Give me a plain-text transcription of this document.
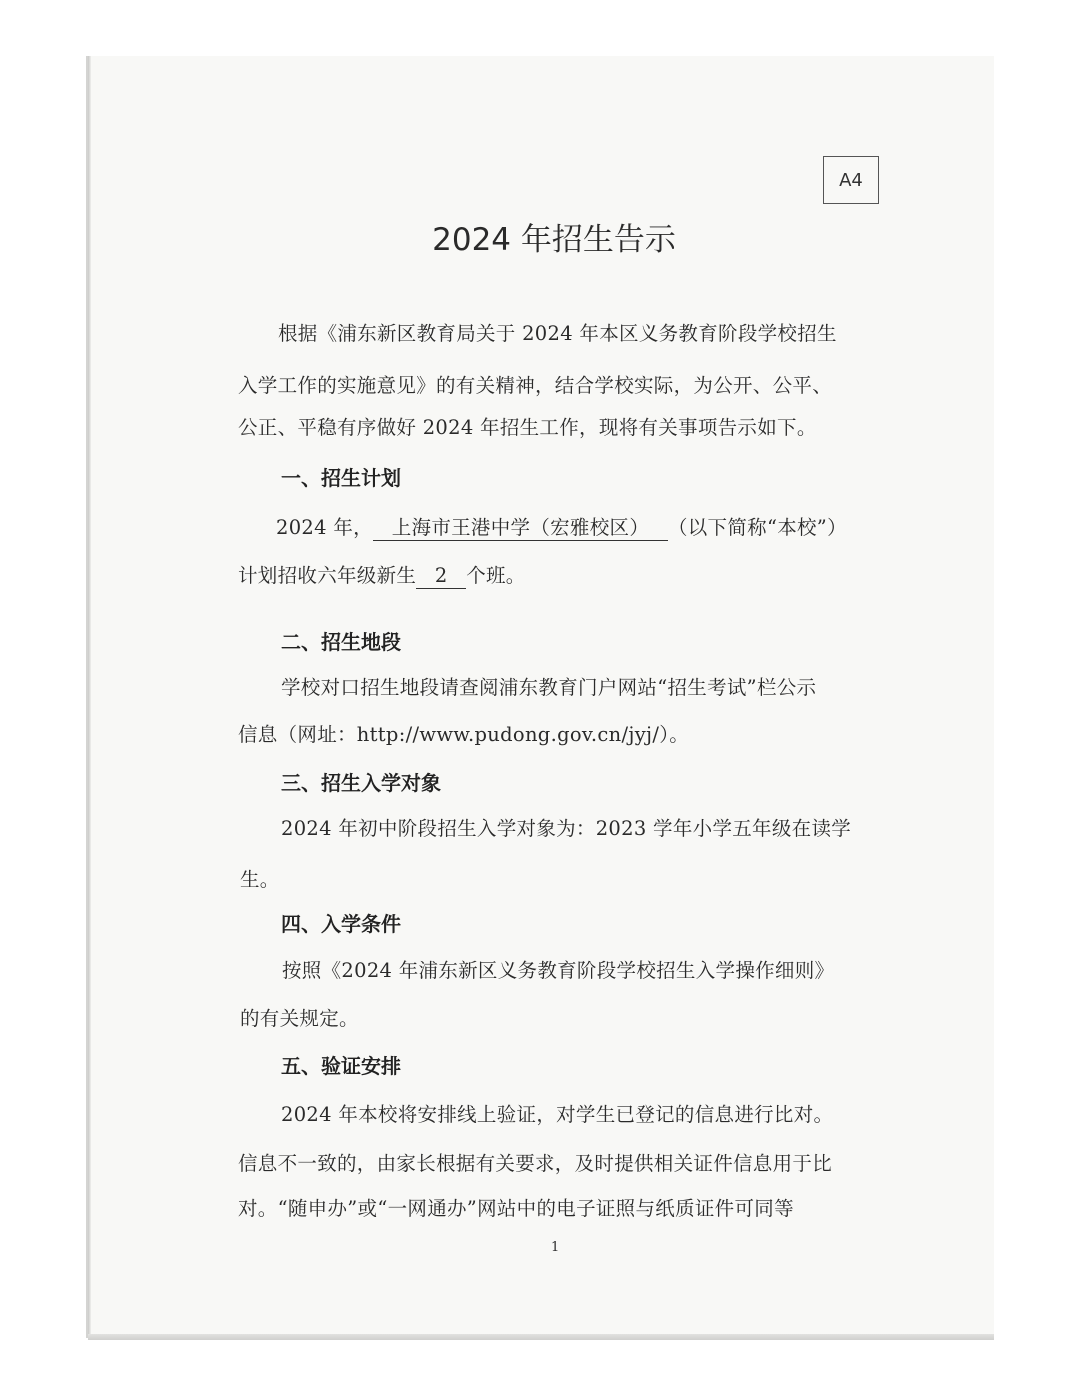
A4
2024 年招生告示
根据《浦东新区教育局关于 2024 年本区义务教育阶段学校招生
入学工作的实施意见》的有关精神，结合学校实际，为公开、公平、
公正、平稳有序做好 2024 年招生工作，现将有关事项告示如下。
一、招生计划
2024 年， 上海市王港中学（宏雅校区） （以下简称“本校”）
计划招收六年级新生 2 个班。
二、招生地段
学校对口招生地段请查阅浦东教育门户网站“招生考试”栏公示
信息（网址：http://www.pudong.gov.cn/jyj/）。
三、招生入学对象
2024 年初中阶段招生入学对象为：2023 学年小学五年级在读学
生。
四、入学条件
按照《2024 年浦东新区义务教育阶段学校招生入学操作细则》
的有关规定。
五、验证安排
2024 年本校将安排线上验证，对学生已登记的信息进行比对。
信息不一致的，由家长根据有关要求，及时提供相关证件信息用于比
对。“随申办”或“一网通办”网站中的电子证照与纸质证件可同等
1
